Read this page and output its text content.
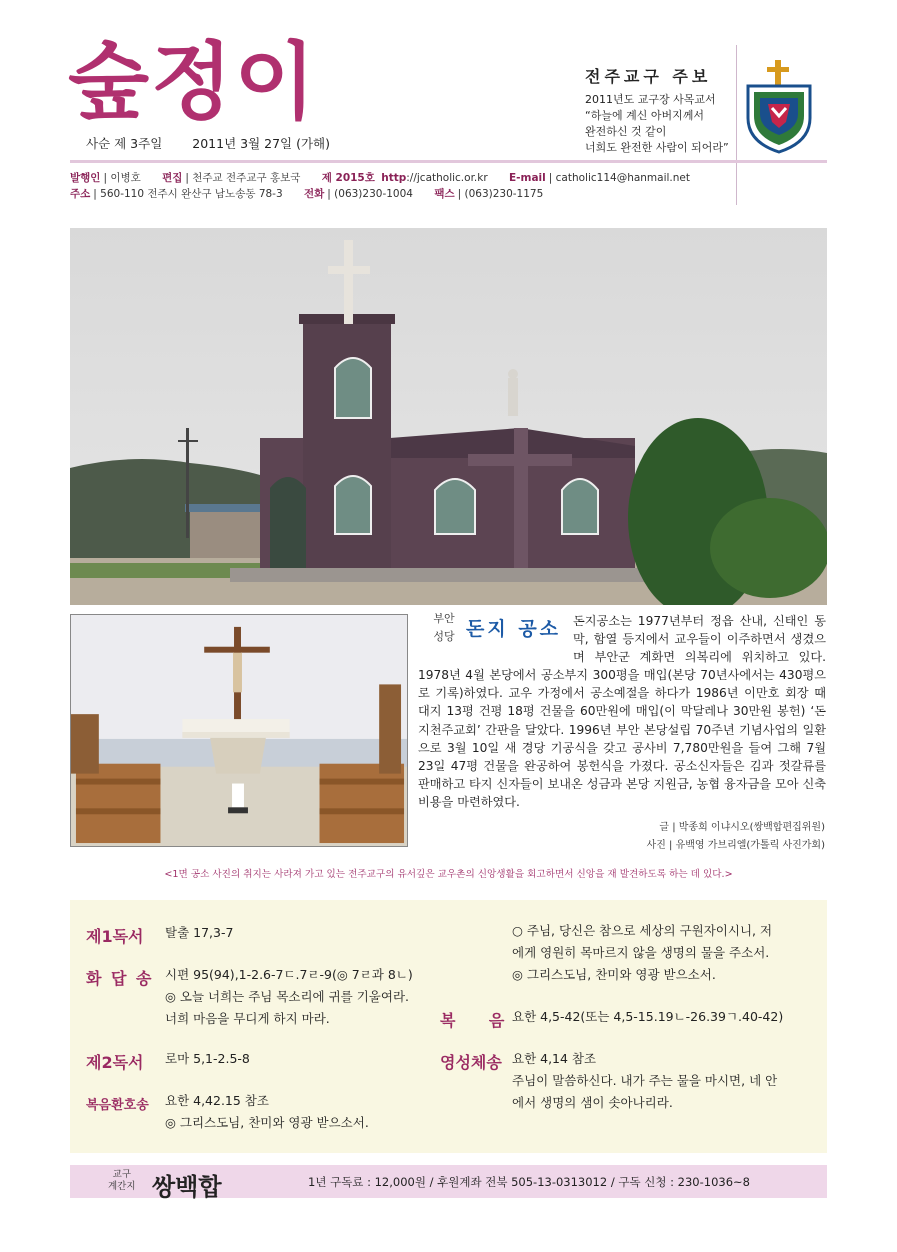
숲정이
사순 제 3주일 2011년 3월 27일 (가해)
전주교구 주보
2011년도 교구장 사목교서
“하늘에 계신 아버지께서
완전하신 것 같이
너희도 완전한 사람이 되어라”
발행인 | 이병호 편집 | 천주교 전주교구 홍보국 제 2015호 http://jcatholic.or.kr E-mail | catholic114@hanmail.net
주소 | 560-110 전주시 완산구 남노송동 78-3 전화 | (063)230-1004 팩스 | (063)230-1175
돈지공소는 1977년부터 정읍 산내, 신태인 동막, 함열 등지에서 교우들이 이주하면서 생겼으며 부안군 계화면 의복리에 위치하고 있다. 1978년 4월 본당에서 공소부지 300평을 매입(본당 70년사에서는 430평으로 기록)하였다. 교우 가정에서 공소예절을 하다가 1986년 이만호 회장 때 대지 13평 건평 18평 건물을 60만원에 매입(이 막달레나 30만원 봉헌) ‘돈지천주교회’ 간판을 달았다. 1996년 부안 본당설립 70주년 기념사업의 일환으로 3월 10일 새 경당 기공식을 갖고 공사비 7,780만원을 들여 그해 7월 23일 47평 건물을 완공하여 봉헌식을 가졌다. 공소신자들은 김과 젓갈류를 판매하고 타지 신자들이 보내온 성금과 본당 지원금, 농협 융자금을 모아 신축비용을 마련하였다.
부안
성당 돈지 공소
글 | 박종희 이냐시오(쌍백합편집위원)
사진 | 유백영 가브리엘(가톨릭 사진가회)
<1면 공소 사진의 취지는 사라져 가고 있는 전주교구의 유서깊은 교우촌의 신앙생활을 회고하면서 신앙을 재 발견하도록 하는 데 있다.>
제1독서 탈출 17,3-7
화 답 송 시편 95(94),1-2.6-7ㄷ.7ㄹ-9(◎ 7ㄹ과 8ㄴ)
◎ 오늘 너희는 주님 목소리에 귀를 기울여라.
너희 마음을 무디게 하지 마라.
제2독서 로마 5,1-2.5-8
복음환호송 요한 4,42.15 참조
◎ 그리스도님, 찬미와 영광 받으소서.
○ 주님, 당신은 참으로 세상의 구원자이시니, 저
에게 영원히 목마르지 않을 생명의 물을 주소서.
◎ 그리스도님, 찬미와 영광 받으소서.
복      음 요한 4,5-42(또는 4,5-15.19ㄴ-26.39ㄱ.40-42)
영성체송 요한 4,14 참조
주님이 말씀하신다. 내가 주는 물을 마시면, 네 안
에서 생명의 샘이 솟아나리라.
교구
계간지 쌍백합	1년 구독료 : 12,000원 / 후원계좌 전북 505-13-0313012 / 구독 신청 : 230-1036~8
